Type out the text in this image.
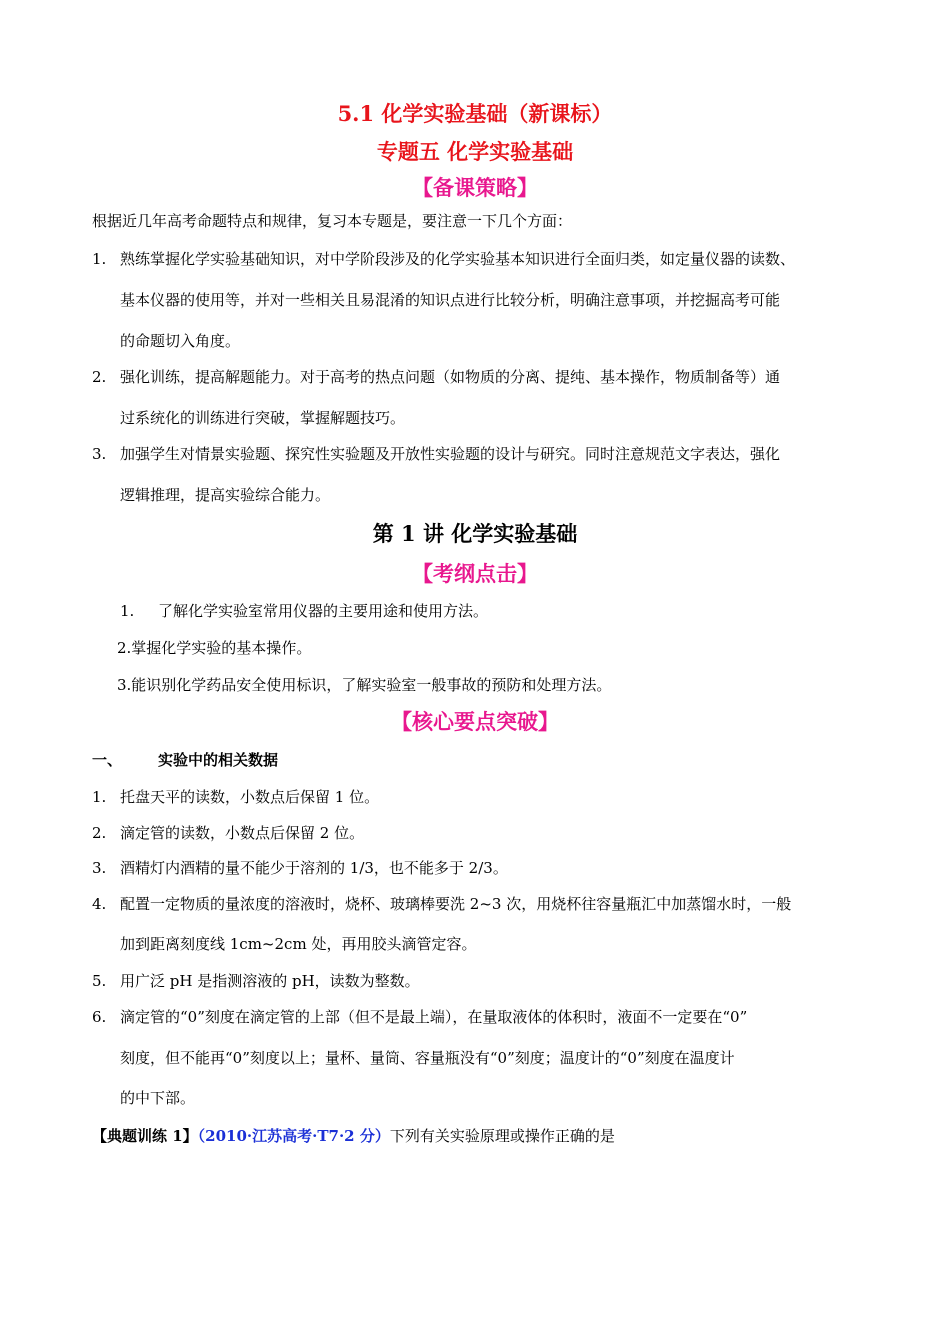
5.1 化学实验基础（新课标）
专题五 化学实验基础
【备课策略】
根据近几年高考命题特点和规律，复习本专题是，要注意一下几个方面：
1. 熟练掌握化学实验基础知识，对中学阶段涉及的化学实验基本知识进行全面归类，如定量仪器的读数、
基本仪器的使用等，并对一些相关且易混淆的知识点进行比较分析，明确注意事项，并挖掘高考可能
的命题切入角度。
2. 强化训练，提高解题能力。对于高考的热点问题（如物质的分离、提纯、基本操作，物质制备等）通
过系统化的训练进行突破，掌握解题技巧。
3. 加强学生对情景实验题、探究性实验题及开放性实验题的设计与研究。同时注意规范文字表达，强化
逻辑推理，提高实验综合能力。
第 1 讲 化学实验基础
【考纲点击】
1. 了解化学实验室常用仪器的主要用途和使用方法。
2.掌握化学实验的基本操作。
3.能识别化学药品安全使用标识，了解实验室一般事故的预防和处理方法。
【核心要点突破】
一、 实验中的相关数据
1. 托盘天平的读数，小数点后保留 1 位。
2. 滴定管的读数，小数点后保留 2 位。
3. 酒精灯内酒精的量不能少于溶剂的 1/3，也不能多于 2/3。
4. 配置一定物质的量浓度的溶液时，烧杯、玻璃棒要洗 2~3 次，用烧杯往容量瓶汇中加蒸馏水时，一般
加到距离刻度线 1cm~2cm 处，再用胶头滴管定容。
5. 用广泛 pH 是指测溶液的 pH，读数为整数。
6. 滴定管的“0”刻度在滴定管的上部（但不是最上端），在量取液体的体积时，液面不一定要在“0”
刻度，但不能再“0”刻度以上；量杯、量筒、容量瓶没有“0”刻度；温度计的“0”刻度在温度计
的中下部。
【典题训练 1】（2010·江苏高考·T7·2 分）下列有关实验原理或操作正确的是
